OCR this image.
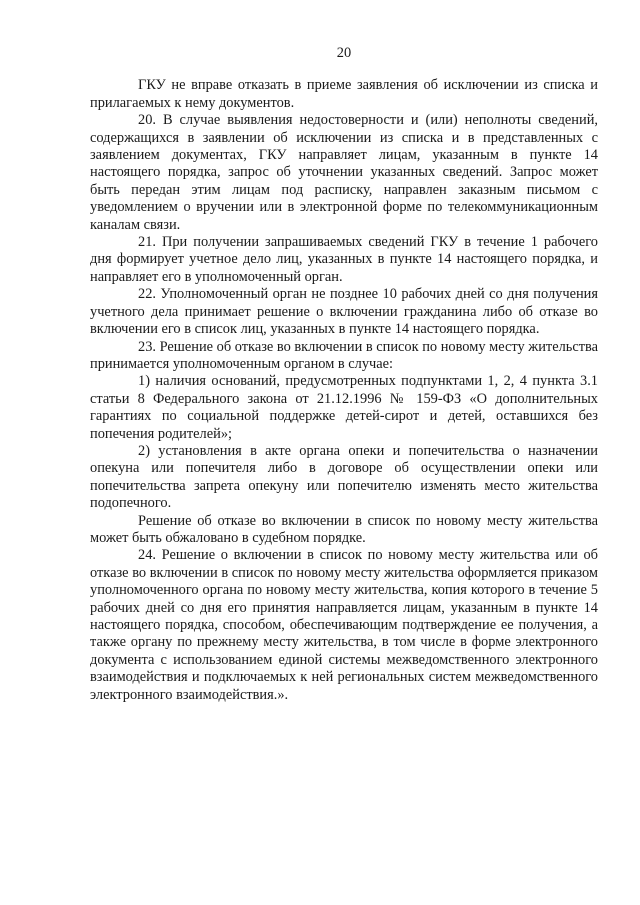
20

ГКУ не вправе отказать в приеме заявления об исключении из списка и прилагаемых к нему документов.

20. В случае выявления недостоверности и (или) неполноты сведений, содержащихся в заявлении об исключении из списка и в представленных с заявлением документах, ГКУ направляет лицам, указанным в пункте 14 настоящего порядка, запрос об уточнении указанных сведений. Запрос может быть передан этим лицам под расписку, направлен заказным письмом с уведомлением о вручении или в электронной форме по телекоммуникационным каналам связи.

21. При получении запрашиваемых сведений ГКУ в течение 1 рабочего дня формирует учетное дело лиц, указанных в пункте 14 настоящего порядка, и направляет его в уполномоченный орган.

22. Уполномоченный орган не позднее 10 рабочих дней со дня получения учетного дела принимает решение о включении гражданина либо об отказе во включении его в список лиц, указанных в пункте 14 настоящего порядка.

23. Решение об отказе во включении в список по новому месту жительства принимается уполномоченным органом в случае:

1) наличия оснований, предусмотренных подпунктами 1, 2, 4 пункта 3.1 статьи 8 Федерального закона от 21.12.1996 № 159-ФЗ «О дополнительных гарантиях по социальной поддержке детей-сирот и детей, оставшихся без попечения родителей»;

2) установления в акте органа опеки и попечительства о назначении опекуна или попечителя либо в договоре об осуществлении опеки или попечительства запрета опекуну или попечителю изменять место жительства подопечного.

Решение об отказе во включении в список по новому месту жительства может быть обжаловано в судебном порядке.

24. Решение о включении в список по новому месту жительства или об отказе во включении в список по новому месту жительства оформляется приказом уполномоченного органа по новому месту жительства, копия которого в течение 5 рабочих дней со дня его принятия направляется лицам, указанным в пункте 14 настоящего порядка, способом, обеспечивающим подтверждение ее получения, а также органу по прежнему месту жительства, в том числе в форме электронного документа с использованием единой системы межведомственного электронного взаимодействия и подключаемых к ней региональных систем межведомственного электронного взаимодействия.».
